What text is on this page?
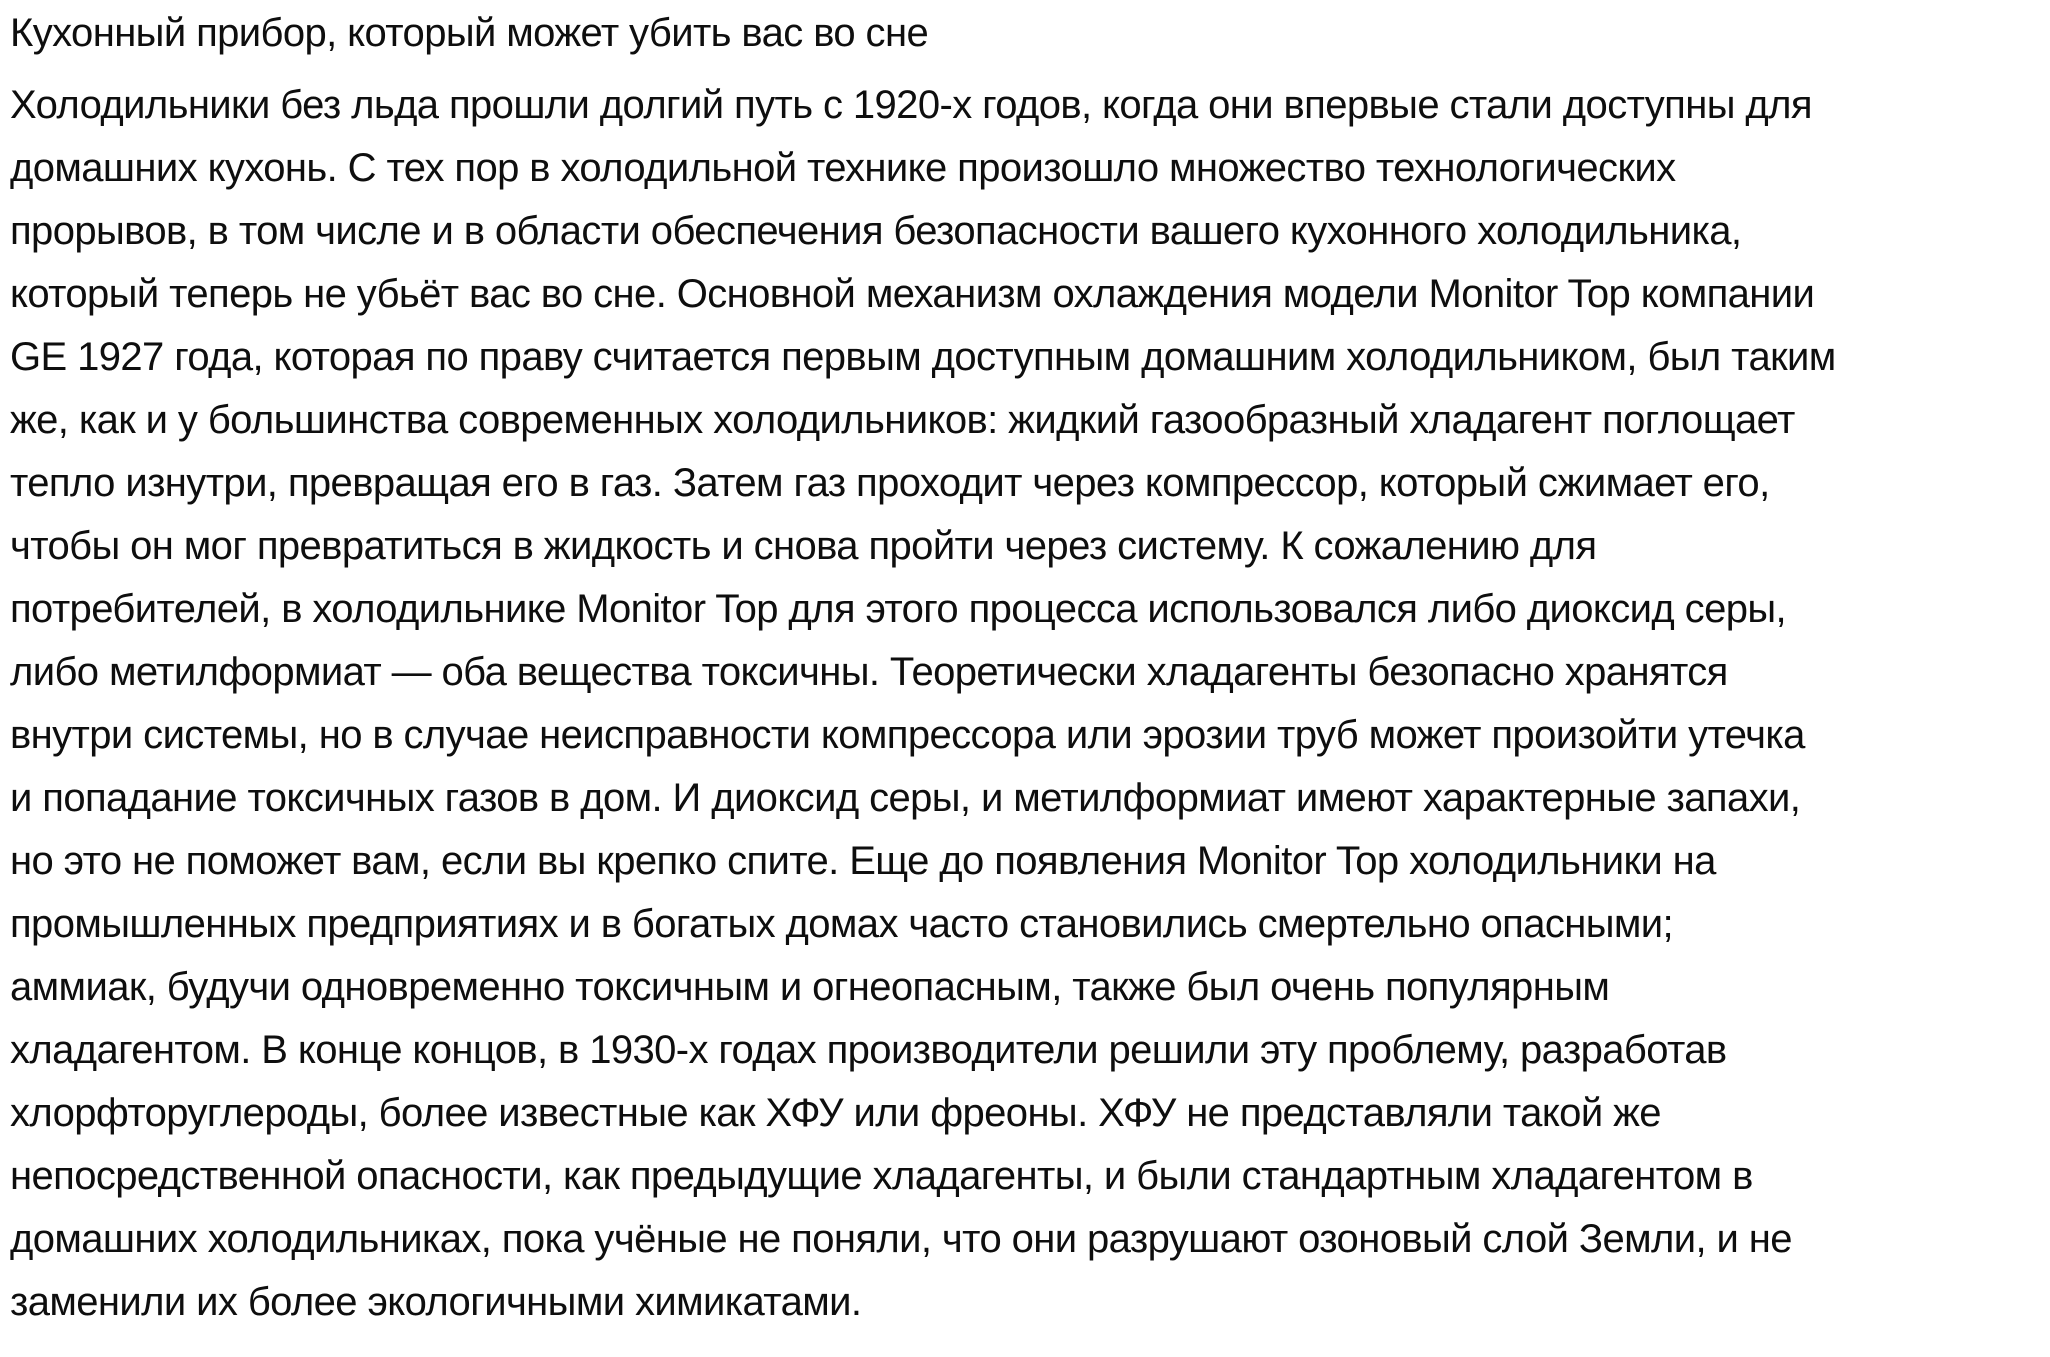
Кухонный прибор, который может убить вас во сне
Холодильники без льда прошли долгий путь с 1920-х годов, когда они впервые стали доступны для
домашних кухонь. С тех пор в холодильной технике произошло множество технологических
прорывов, в том числе и в области обеспечения безопасности вашего кухонного холодильника,
который теперь не убьёт вас во сне. Основной механизм охлаждения модели Monitor Top компании
GE 1927 года, которая по праву считается первым доступным домашним холодильником, был таким
же, как и у большинства современных холодильников: жидкий газообразный хладагент поглощает
тепло изнутри, превращая его в газ. Затем газ проходит через компрессор, который сжимает его,
чтобы он мог превратиться в жидкость и снова пройти через систему. К сожалению для
потребителей, в холодильнике Monitor Top для этого процесса использовался либо диоксид серы,
либо метилформиат — оба вещества токсичны. Теоретически хладагенты безопасно хранятся
внутри системы, но в случае неисправности компрессора или эрозии труб может произойти утечка
и попадание токсичных газов в дом. И диоксид серы, и метилформиат имеют характерные запахи,
но это не поможет вам, если вы крепко спите. Еще до появления Monitor Top холодильники на
промышленных предприятиях и в богатых домах часто становились смертельно опасными;
аммиак, будучи одновременно токсичным и огнеопасным, также был очень популярным
хладагентом. В конце концов, в 1930-х годах производители решили эту проблему, разработав
хлорфторуглероды, более известные как ХФУ или фреоны. ХФУ не представляли такой же
непосредственной опасности, как предыдущие хладагенты, и были стандартным хладагентом в
домашних холодильниках, пока учёные не поняли, что они разрушают озоновый слой Земли, и не
заменили их более экологичными химикатами.
